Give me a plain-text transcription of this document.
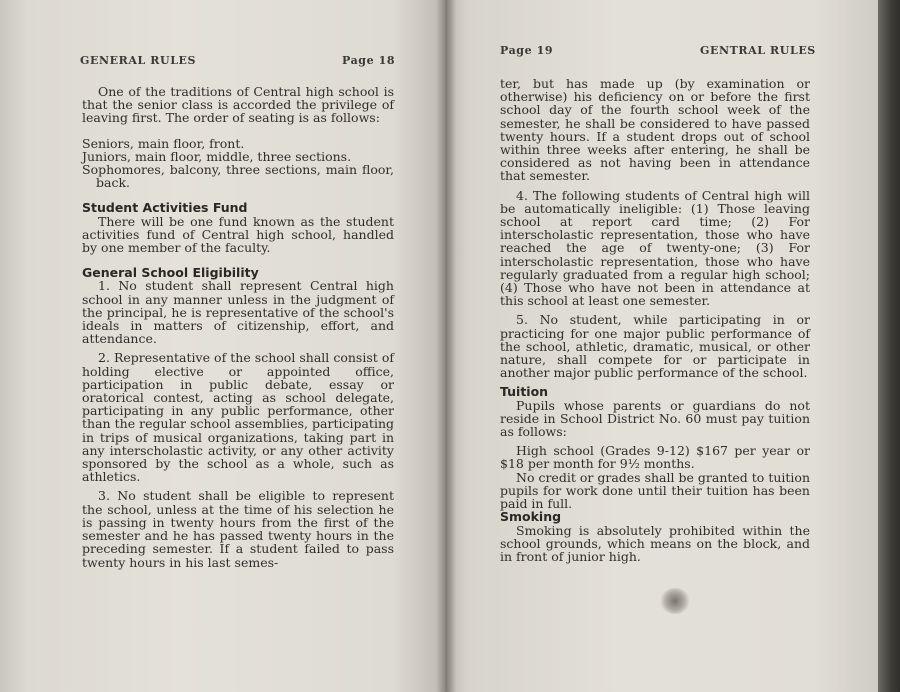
GENERAL RULES	Page 18

One of the traditions of Central high school is that the senior class is accorded the privilege of leaving first. The order of seating is as follows:

Seniors, main floor, front.

Juniors, main floor, middle, three sections.

Sophomores, balcony, three sections, main floor, back.

Student Activities Fund

There will be one fund known as the student activities fund of Central high school, handled by one member of the faculty.

General School Eligibility

1. No student shall represent Central high school in any manner unless in the judgment of the principal, he is representative of the school's ideals in matters of citizenship, effort, and attendance.

2. Representative of the school shall consist of holding elective or appointed office, participation in public debate, essay or oratorical contest, acting as school delegate, participating in any public performance, other than the regular school assemblies, participating in trips of musical organizations, taking part in any interscholastic activity, or any other activity sponsored by the school as a whole, such as athletics.

3. No student shall be eligible to represent the school, unless at the time of his selection he is passing in twenty hours from the first of the semester and he has passed twenty hours in the preceding semester. If a student failed to pass twenty hours in his last semes-

Page 19	GENTRAL RULES

ter, but has made up (by examination or otherwise) his deficiency on or before the first school day of the fourth school week of the semester, he shall be considered to have passed twenty hours. If a student drops out of school within three weeks after entering, he shall be considered as not having been in attendance that semester.

4. The following students of Central high will be automatically ineligible: (1) Those leaving school at report card time; (2) For interscholastic representation, those who have reached the age of twenty-one; (3) For interscholastic representation, those who have regularly graduated from a regular high school; (4) Those who have not been in attendance at this school at least one semester.

5. No student, while participating in or practicing for one major public performance of the school, athletic, dramatic, musical, or other nature, shall compete for or participate in another major public performance of the school.

Tuition

Pupils whose parents or guardians do not reside in School District No. 60 must pay tuition as follows:

High school (Grades 9-12) $167 per year or $18 per month for 9½ months.

No credit or grades shall be granted to tuition pupils for work done until their tuition has been paid in full.

Smoking

Smoking is absolutely prohibited within the school grounds, which means on the block, and in front of junior high.
